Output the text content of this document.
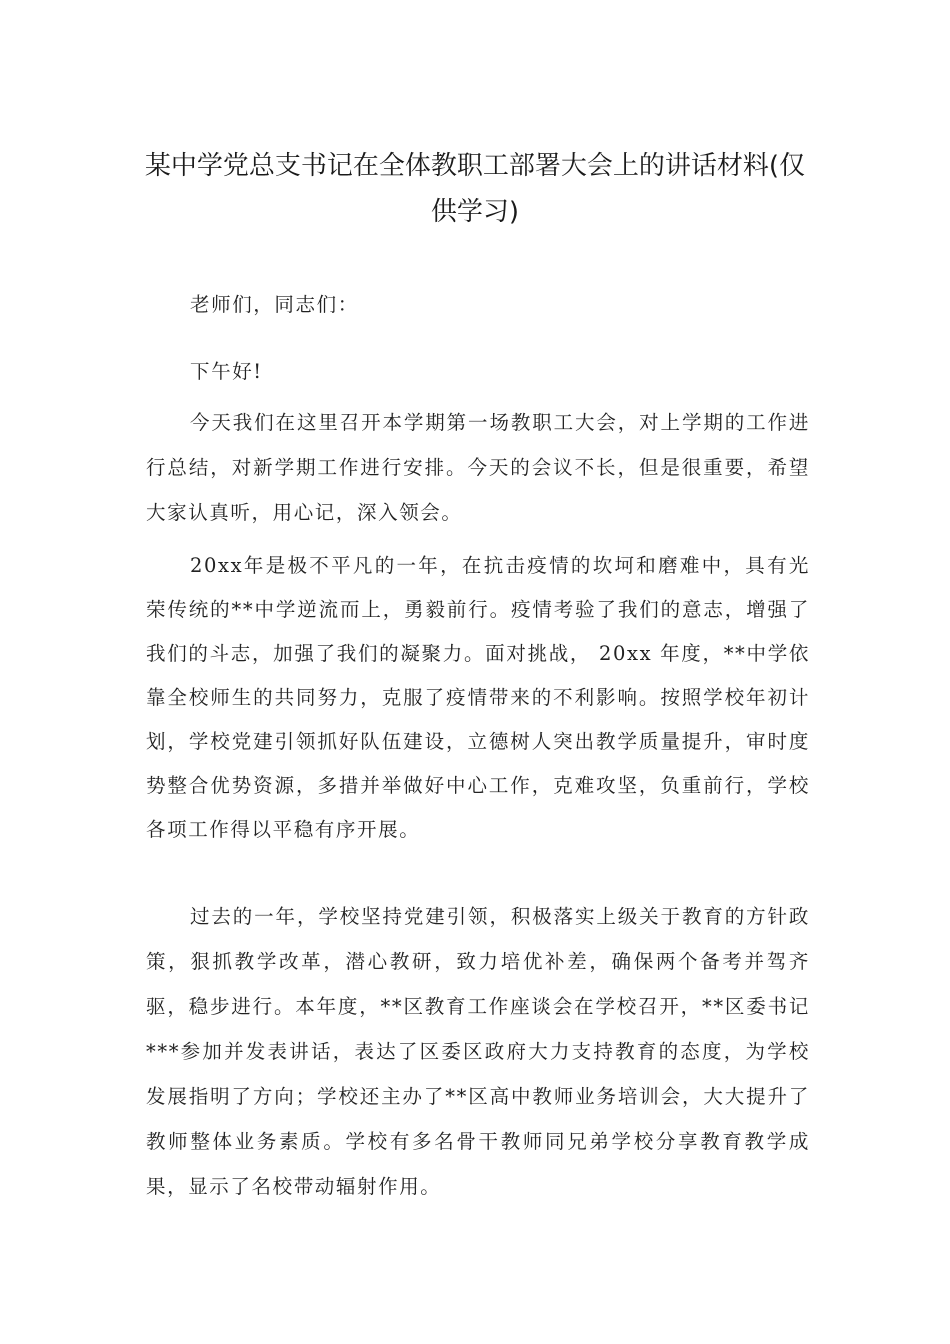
某中学党总支书记在全体教职工部署大会上的讲话材料(仅供学习)

老师们，同志们：

下午好!

今天我们在这里召开本学期第一场教职工大会，对上学期的工作进行总结，对新学期工作进行安排。今天的会议不长，但是很重要，希望大家认真听，用心记，深入领会。

20xx年是极不平凡的一年，在抗击疫情的坎坷和磨难中，具有光荣传统的**中学逆流而上，勇毅前行。疫情考验了我们的意志，增强了我们的斗志，加强了我们的凝聚力。面对挑战， 20xx 年度，**中学依靠全校师生的共同努力，克服了疫情带来的不利影响。按照学校年初计划，学校党建引领抓好队伍建设，立德树人突出教学质量提升，审时度势整合优势资源，多措并举做好中心工作，克难攻坚，负重前行，学校各项工作得以平稳有序开展。

过去的一年，学校坚持党建引领，积极落实上级关于教育的方针政策，狠抓教学改革，潜心教研，致力培优补差，确保两个备考并驾齐驱，稳步进行。本年度，**区教育工作座谈会在学校召开，**区委书记***参加并发表讲话，表达了区委区政府大力支持教育的态度，为学校发展指明了方向；学校还主办了**区高中教师业务培训会，大大提升了教师整体业务素质。学校有多名骨干教师同兄弟学校分享教育教学成果，显示了名校带动辐射作用。
